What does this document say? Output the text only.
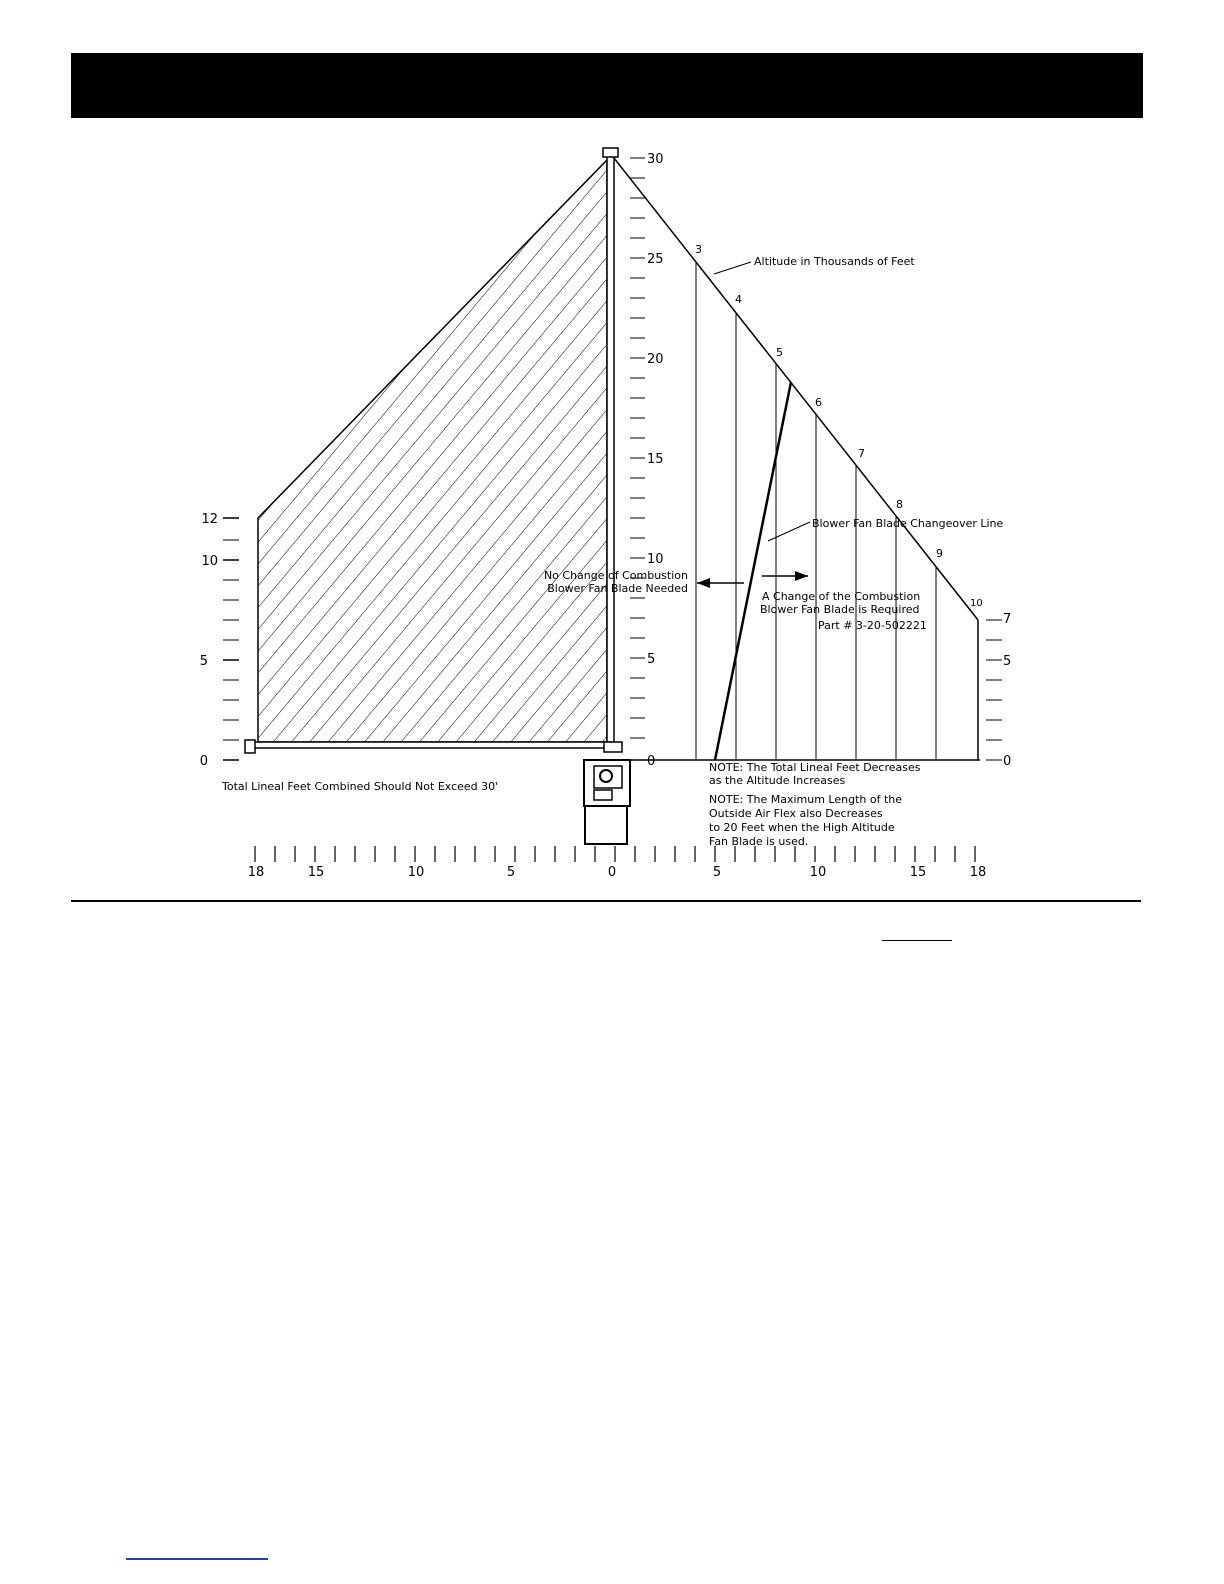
12
10
5
0
30
25
20
15
10
5
0
7
5
0
3
4
5
6
7
8
9
10
Altitude in Thousands of Feet
Blower Fan Blade Changeover Line
No Change of Combustion
Blower Fan Blade Needed
A Change of the Combustion
Blower Fan Blade is Required
Part # 3-20-502221
Total Lineal Feet Combined Should Not Exceed 30'
NOTE: The Total Lineal Feet Decreases
as the Altitude Increases
NOTE: The Maximum Length of the
Outside Air Flex also Decreases
to 20 Feet when the High Altitude
Fan Blade is used.
18	15	10	5	0	5	10	15	18
